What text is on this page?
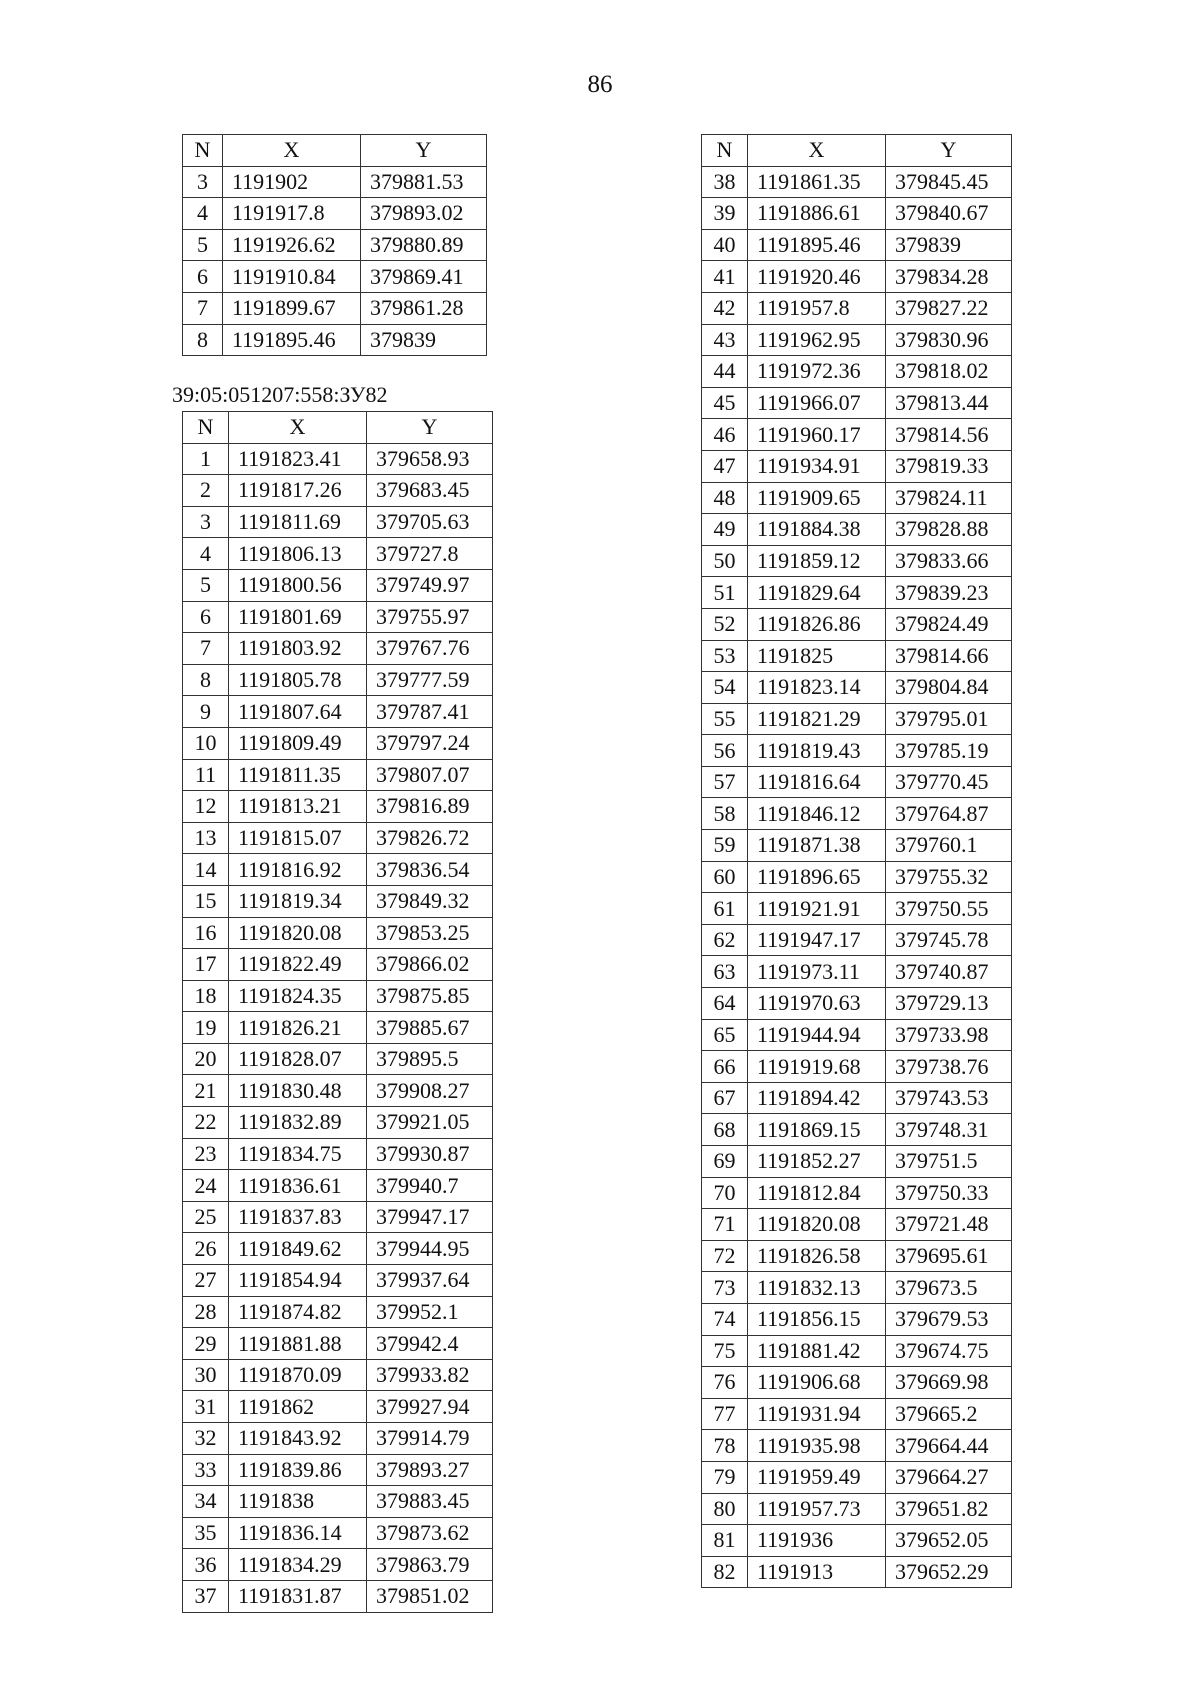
86
N	X	Y
3	1191902	379881.53
4	1191917.8	379893.02
5	1191926.62	379880.89
6	1191910.84	379869.41
7	1191899.67	379861.28
8	1191895.46	379839
39:05:051207:558:ЗУ82
N	X	Y
1	1191823.41	379658.93
2	1191817.26	379683.45
3	1191811.69	379705.63
4	1191806.13	379727.8
5	1191800.56	379749.97
6	1191801.69	379755.97
7	1191803.92	379767.76
8	1191805.78	379777.59
9	1191807.64	379787.41
10	1191809.49	379797.24
11	1191811.35	379807.07
12	1191813.21	379816.89
13	1191815.07	379826.72
14	1191816.92	379836.54
15	1191819.34	379849.32
16	1191820.08	379853.25
17	1191822.49	379866.02
18	1191824.35	379875.85
19	1191826.21	379885.67
20	1191828.07	379895.5
21	1191830.48	379908.27
22	1191832.89	379921.05
23	1191834.75	379930.87
24	1191836.61	379940.7
25	1191837.83	379947.17
26	1191849.62	379944.95
27	1191854.94	379937.64
28	1191874.82	379952.1
29	1191881.88	379942.4
30	1191870.09	379933.82
31	1191862	379927.94
32	1191843.92	379914.79
33	1191839.86	379893.27
34	1191838	379883.45
35	1191836.14	379873.62
36	1191834.29	379863.79
37	1191831.87	379851.02
N	X	Y
38	1191861.35	379845.45
39	1191886.61	379840.67
40	1191895.46	379839
41	1191920.46	379834.28
42	1191957.8	379827.22
43	1191962.95	379830.96
44	1191972.36	379818.02
45	1191966.07	379813.44
46	1191960.17	379814.56
47	1191934.91	379819.33
48	1191909.65	379824.11
49	1191884.38	379828.88
50	1191859.12	379833.66
51	1191829.64	379839.23
52	1191826.86	379824.49
53	1191825	379814.66
54	1191823.14	379804.84
55	1191821.29	379795.01
56	1191819.43	379785.19
57	1191816.64	379770.45
58	1191846.12	379764.87
59	1191871.38	379760.1
60	1191896.65	379755.32
61	1191921.91	379750.55
62	1191947.17	379745.78
63	1191973.11	379740.87
64	1191970.63	379729.13
65	1191944.94	379733.98
66	1191919.68	379738.76
67	1191894.42	379743.53
68	1191869.15	379748.31
69	1191852.27	379751.5
70	1191812.84	379750.33
71	1191820.08	379721.48
72	1191826.58	379695.61
73	1191832.13	379673.5
74	1191856.15	379679.53
75	1191881.42	379674.75
76	1191906.68	379669.98
77	1191931.94	379665.2
78	1191935.98	379664.44
79	1191959.49	379664.27
80	1191957.73	379651.82
81	1191936	379652.05
82	1191913	379652.29
